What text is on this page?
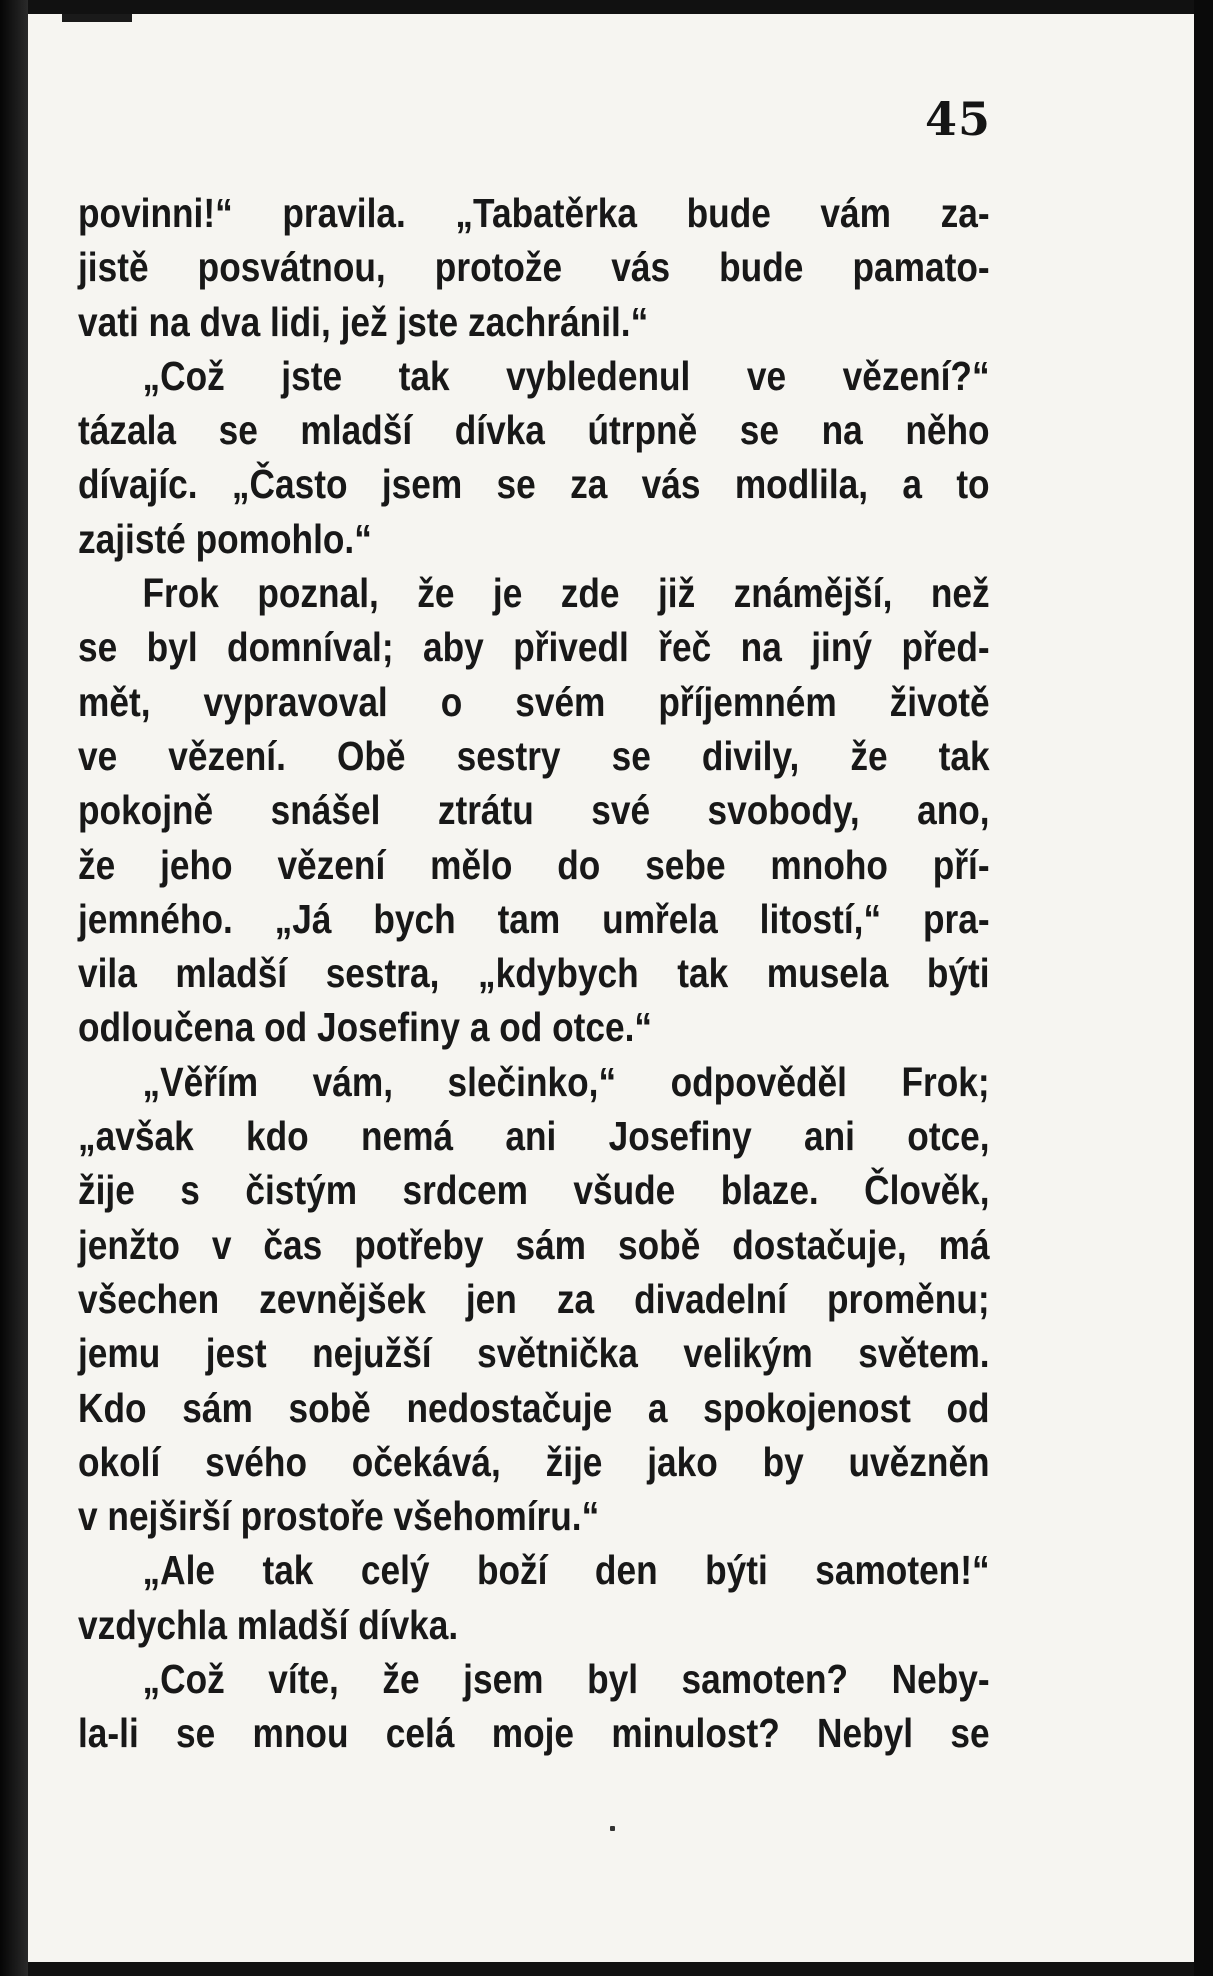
45
povinni!“ pravila. „Tabatěrka bude vám za-
jistě posvátnou, protože vás bude pamato-
vati na dva lidi, jež jste zachránil.“
„Což jste tak vybledenul ve vězení?“
tázala se mladší dívka útrpně se na něho
dívajíc. „Často jsem se za vás modlila, a to
zajisté pomohlo.“
Frok poznal, že je zde již známější, než
se byl domníval; aby přivedl řeč na jiný před-
mět, vypravoval o svém příjemném životě
ve vězení. Obě sestry se divily, že tak
pokojně snášel ztrátu své svobody, ano,
že jeho vězení mělo do sebe mnoho pří-
jemného. „Já bych tam umřela litostí,“ pra-
vila mladší sestra, „kdybych tak musela býti
odloučena od Josefiny a od otce.“
„Věřím vám, slečinko,“ odpověděl Frok;
„avšak kdo nemá ani Josefiny ani otce,
žije s čistým srdcem všude blaze. Člověk,
jenžto v čas potřeby sám sobě dostačuje, má
všechen zevnějšek jen za divadelní proměnu;
jemu jest nejužší světnička velikým světem.
Kdo sám sobě nedostačuje a spokojenost od
okolí svého očekává, žije jako by uvězněn
v nejširší prostoře všehomíru.“
„Ale tak celý boží den býti samoten!“
vzdychla mladší dívka.
„Což víte, že jsem byl samoten? Neby-
la-li se mnou celá moje minulost? Nebyl se
